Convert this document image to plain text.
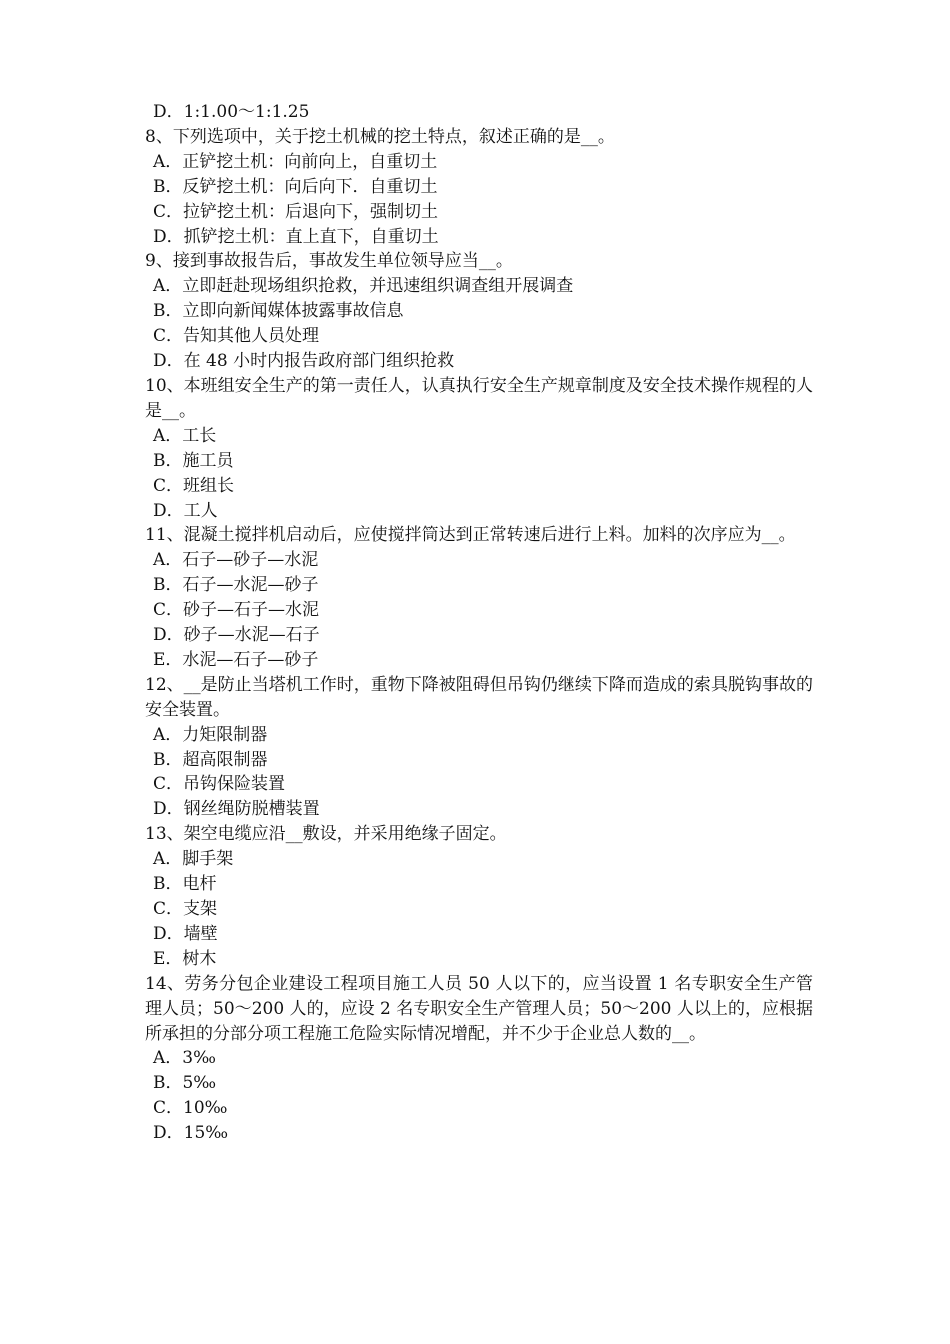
D．1:1.00～1:1.25
8、下列选项中，关于挖土机械的挖土特点，叙述正确的是__。
A．正铲挖土机：向前向上，自重切土
B．反铲挖土机：向后向下．自重切土
C．拉铲挖土机：后退向下，强制切土
D．抓铲挖土机：直上直下，自重切土
9、接到事故报告后，事故发生单位领导应当__。
A．立即赶赴现场组织抢救，并迅速组织调查组开展调查
B．立即向新闻媒体披露事故信息
C．告知其他人员处理
D．在 48 小时内报告政府部门组织抢救
10、本班组安全生产的第一责任人，认真执行安全生产规章制度及安全技术操作规程的人是__。
A．工长
B．施工员
C．班组长
D．工人
11、混凝土搅拌机启动后，应使搅拌筒达到正常转速后进行上料。加料的次序应为__。
A．石子—砂子—水泥
B．石子—水泥—砂子
C．砂子—石子—水泥
D．砂子—水泥—石子
E．水泥—石子—砂子
12、__是防止当塔机工作时，重物下降被阻碍但吊钩仍继续下降而造成的索具脱钩事故的安全装置。
A．力矩限制器
B．超高限制器
C．吊钩保险装置
D．钢丝绳防脱槽装置
13、架空电缆应沿__敷设，并采用绝缘子固定。
A．脚手架
B．电杆
C．支架
D．墙壁
E．树木
14、劳务分包企业建设工程项目施工人员 50 人以下的，应当设置 1 名专职安全生产管理人员；50～200 人的，应设 2 名专职安全生产管理人员；50～200 人以上的，应根据所承担的分部分项工程施工危险实际情况增配，并不少于企业总人数的__。
A．3‰
B．5‰
C．10‰
D．15‰
